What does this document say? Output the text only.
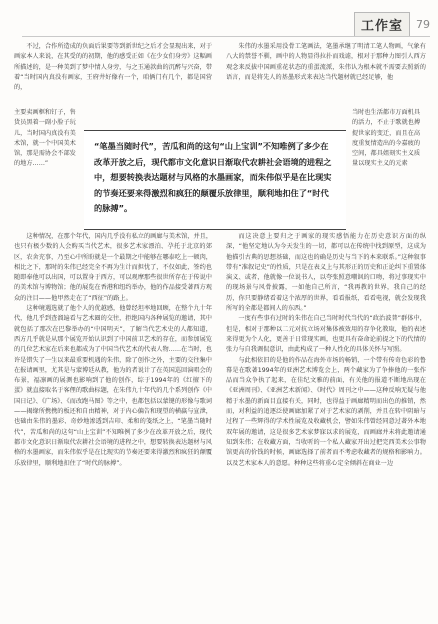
工作室	79
不过，合作所造成的负面后果要等到新世纪之后才会显现出来，对于画家本人来说，在其受的的初期，他的感受正如《在少女们身旁》这幅画所描述的，是一种美到了梦中情人身旁，与之玉通款曲的沉醉与兴奋，带着“当时国内真没有画家，王府井好像有一个，咱俩门有几个，都是国营的，
朱伟的水墨采用没骨工笔画法，笔墨承继了明清工笔人物画，气象有八大的禁誉不驯，画中的人物显得拉扑而戏谑，根对于那种力图引人西方观念来反拔中国画重花状态的重蛋流派，朱伟认为根本就不需要去照新的语言，而是将先人的基墨形式来表达当代题材就已经足够，他
主要卖画框和钉子，售货员黑着一副小脸子玩儿，当时国内真没有美术馆，就一个中国美术馆，那是需协会不部发的地方……”
当时也生活都市万面机具的活力，不止于歌就也搏捉世家的变迁，而且在高度重复情造出的今嘉疲的空间，都具姐刻实主义质量以现实主义的元素
“笔墨当随时代”，苦瓜和尚的这句“山上宝训”不知唯例了多少在改革开放之后，现代都市文化意识日渐取代农耕社会语境的进程之中，想要转换表达题材与风格的水墨画家，而朱伟似乎是在比现实的节奏还要来得激烈和疯狂的颠覆乐放律里，顺利地扣住了“时代的脉搏”。
这种情况，在那个年代，国内几乎没有私立的画廊与美术馆，并且，也只有极少数的人会购买当代艺术，很多艺术家漂泊、孕托于北京的郊区，农舍充事，乃至心中所盼就是一个最期之中能够在哪泰吃上一顿肉，相比之下，那时的朱伟已经完全不再为生计而担忧了，不仅如此，签约也随即奉他可以出国，可以置身于西方，可以观摩那些很世所存在于传说中的美术馆与博物馆；他的展览在香港和纽约举办，他的作品接受著西方观众的注目——他甲然走在了“西征”的路上。
这种境遇选就了他个人的优越感，他曾经坦率地回顾，在整个九十年代，他几乎到查溜遍看与艺术圈的交往，拒绝国内各种展览的邀请，其中就包括了那次在巴黎举办的“中国明天”，了解当代艺术史的人都知道，西方几乎就是从那个展览开始认识到了中国前卫艺术的存在，而参加展览的几位艺术家在后来也都成为了中国当代艺术的代表人物……在当时，也许是错失了一生以来最重要机遇的朱伟，除了创作之外，主要的交往集中在报请画里，尤其是与蒙博廷从教，他为的者说计了在英国巡回演唱会的布景，福凛画的展测也影响到了他的创作，综于1994年的《红擅下的蛋》就直接取名于客俚的歌曲标题，在朱伟九十年代的几个系列创作《中国日记》、《广场》、《而改跑马图》等之中，也都包括以蒙键的形像与歌词——揭缘所携携的板还和自由精神，对于内心偏告和现望的横赢与宣泄，也础由朱伟的墨彩、奇妙地渗透到吉印、柔和的笺纸之上，“笔墨当随时代”，苦瓜和尚的这句“山上宝训”不知唯例了多少在改革开放之后，现代都市文化意识日渐取代农耕社会语境的进程之中，想要转换表达题材与风格的水墨画家，而朱伟似乎是在比现实的节奏还要来得激烈和疯狂的颠覆乐放律里，顺利地扣住了“时代的脉搏”。
而这决意上要归之于画家的现实感悟能力在历史意识方面的纵深，“他坚定地认为今天发生的一切，都可以在传统中找到原型，这成为他描引古典的思想基础，而这也的确是历史与当下的本来联系。”这种叙事带有“准叙记史”的性质，只是在表义上与其形正的历史和正论纠下重置体演义、或者，他就像一位说书人，以夸张照意嘲讽的口吻，将过事现实中的现场景与风骨披露，一如他自己所言，“我再教的世界，我自己的经历，你只要静绪看着这个浓厚的世界，看看报纸，看看电视，就会发现我所写的全都是都间人的东西。”
一度有些事有过时的朱伟在自己当时时代当代的“政治波普”群体中，但是，相对于那种以二元对抗立场对集体被效用的存争化教取，他的表述来得更为个人化，更善于日常现实画，也更具有奋命论前提之下的代情的张力与自我调侃意识，由此构成了一种人性化的具体关怀与写照。
与此相依旧的是他的作品在海外市场的畅销，一个带有传奇色彩的鲁幕是在歌著1994年的亚洲艺术博览会上，两个藏家为了争捧他的一张作品而当众争执了起来，在佳纪文雅的前面，有关他的报道不断地出现在《亚洲周刊》、《亚洲艺术新闻》、《时代》周刊之中——这种反响无疑与他精于水墨的新面目直接有关，同时，也得益于画廊精明而出色的推销，然而，对利益的追逐泛使画廊加紧了对于艺术家的剥削，并且在转中阴暗与过程了一些辉得的学术性展览及收藏机会，譬如朱伟曾经同意过著外本地双年展的邀请，这是很多艺术家梦寐以求的展览，而画廊并未将此邀请通知到朱伟；在收藏方面，当收听的一个私人藏家开出过把完西美术公事物馆更高的价钱的时候，画廊选择了前者而不考虑收藏者的规格和影响力。以及艺术家本人的意愿。种种这些将重心定全倾斜在商业一边
